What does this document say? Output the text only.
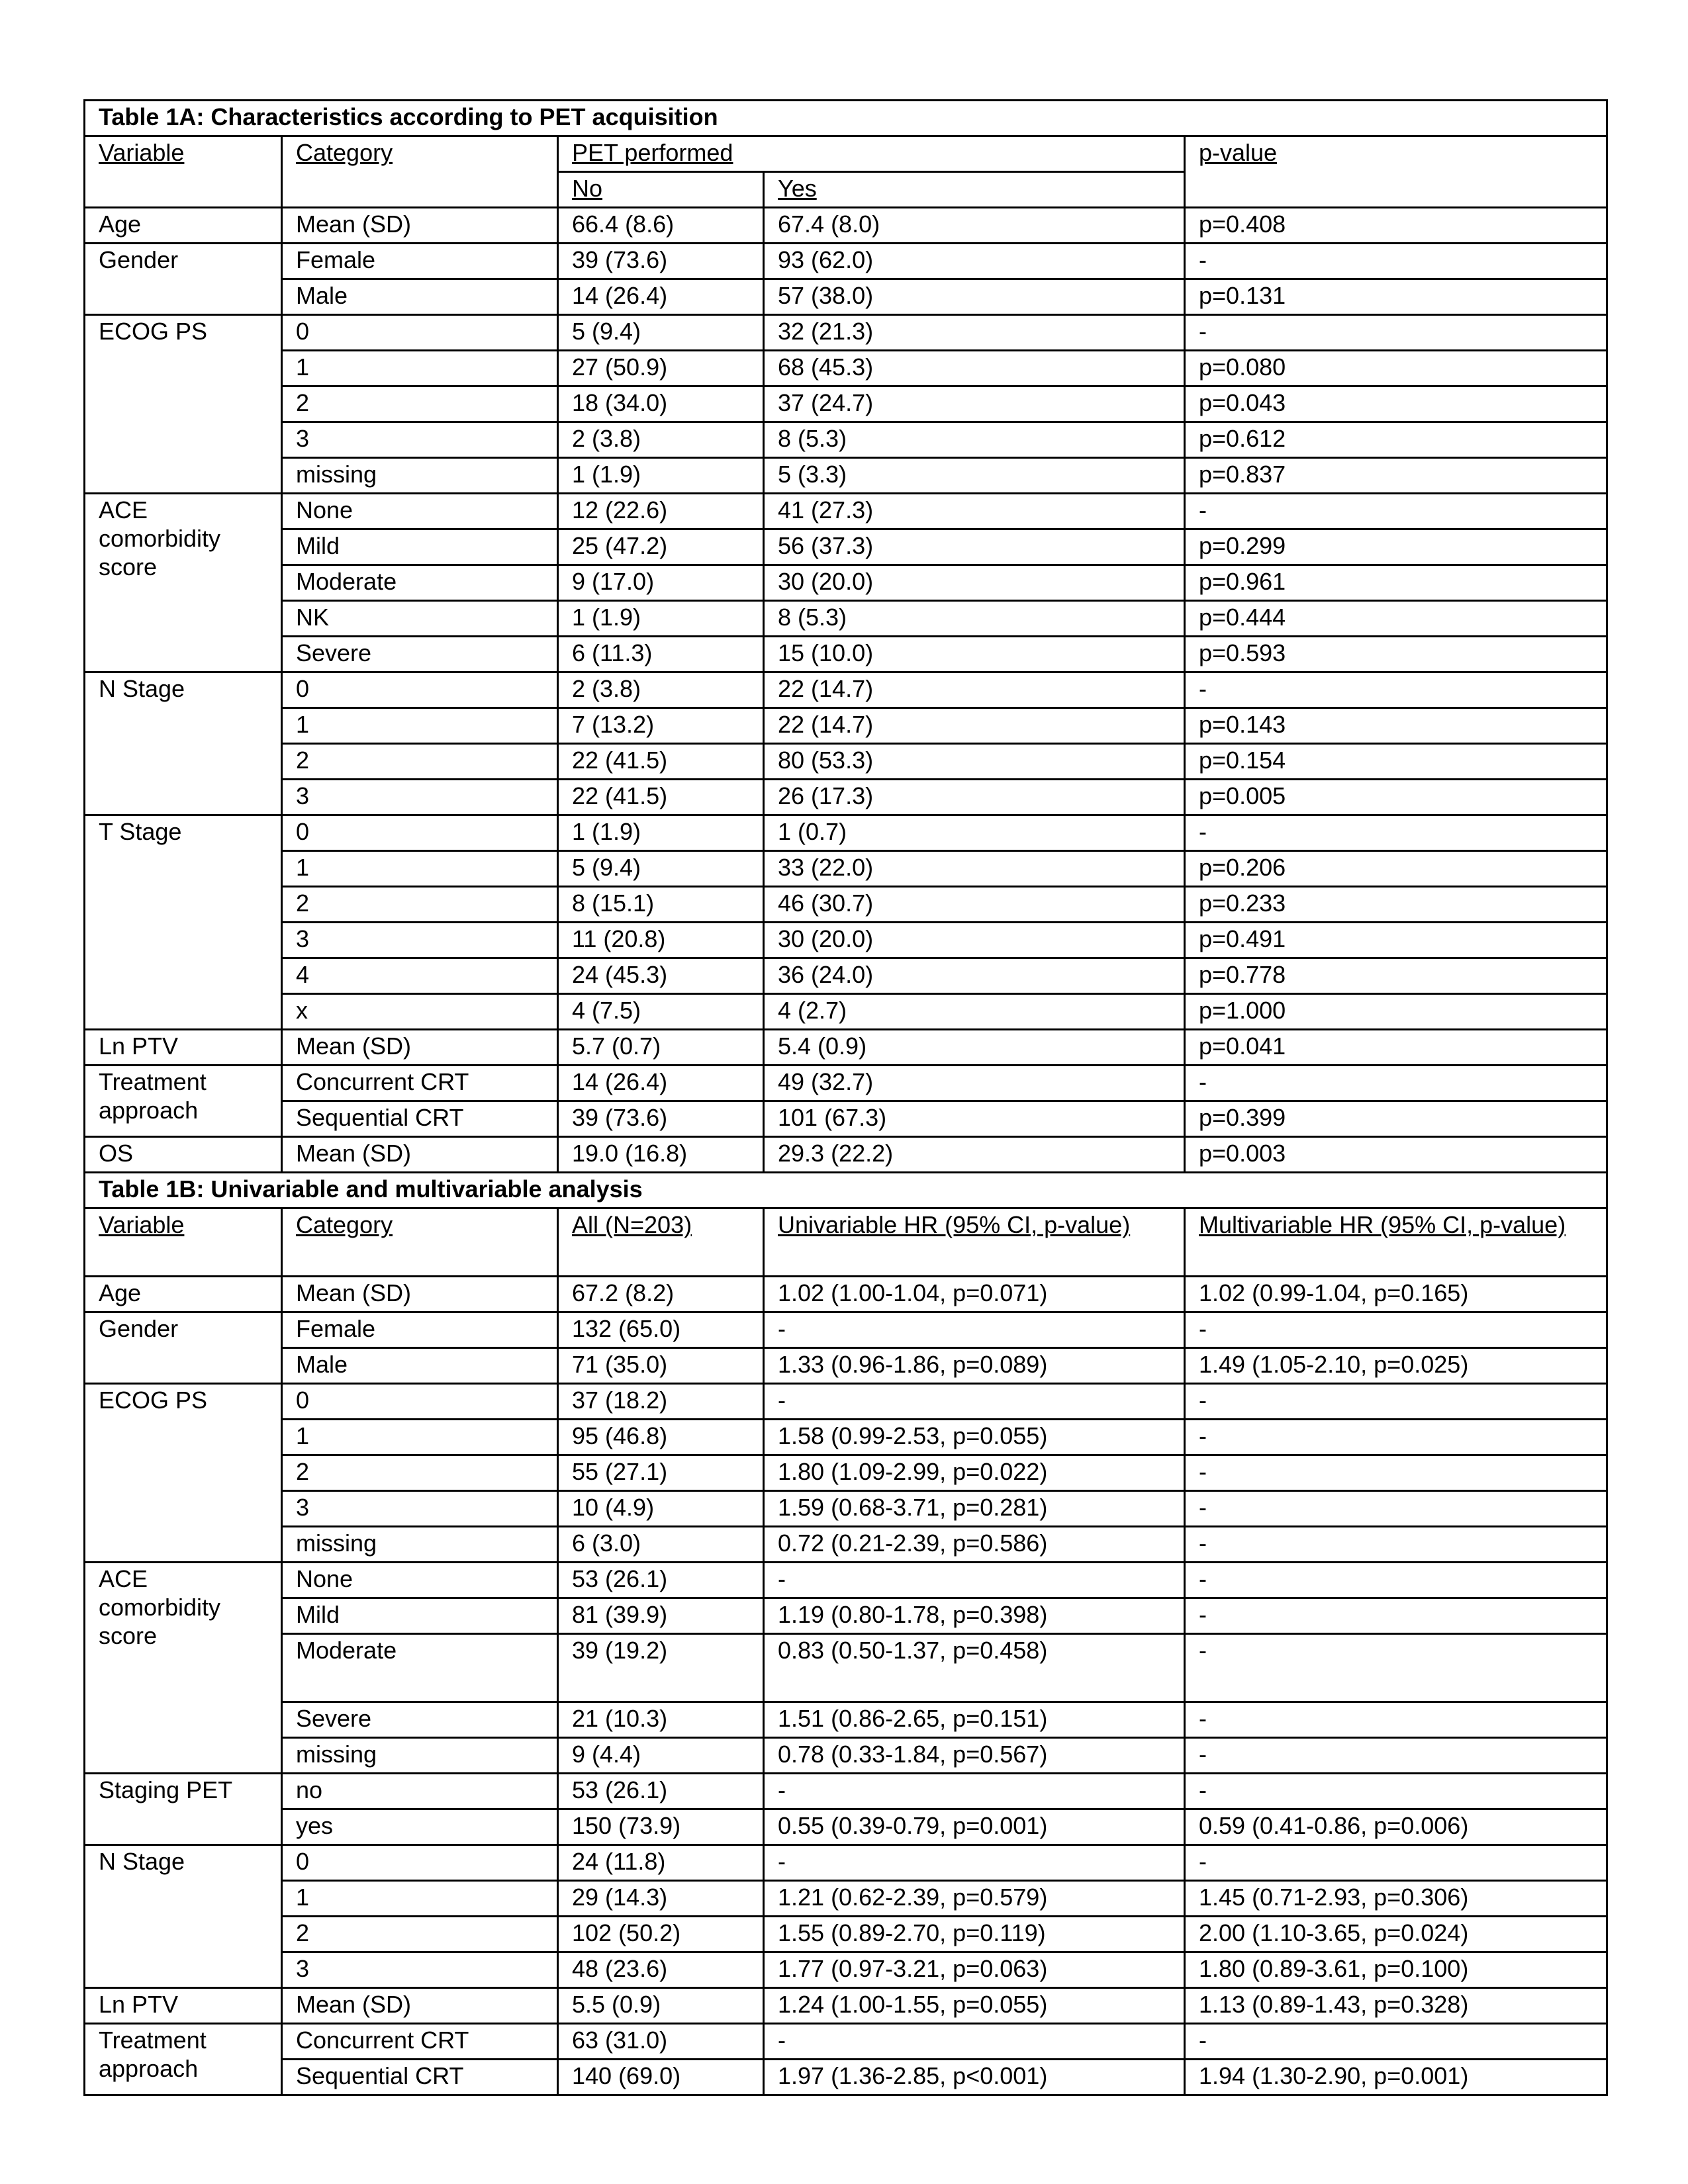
Table 1A: Characteristics according to PET acquisition				
Variable	Category	PET performed		p-value
		No	Yes	
Age	Mean (SD)	66.4 (8.6)	67.4 (8.0)	p=0.408
Gender	Female	39 (73.6)	93 (62.0)	-
	Male	14 (26.4)	57 (38.0)	p=0.131
ECOG PS	0	5 (9.4)	32 (21.3)	-
	1	27 (50.9)	68 (45.3)	p=0.080
	2	18 (34.0)	37 (24.7)	p=0.043
	3	2 (3.8)	8 (5.3)	p=0.612
	missing	1 (1.9)	5 (3.3)	p=0.837
ACE
comorbidity
score	None	12 (22.6)	41 (27.3)	-
	Mild	25 (47.2)	56 (37.3)	p=0.299
	Moderate	9 (17.0)	30 (20.0)	p=0.961
	NK	1 (1.9)	8 (5.3)	p=0.444
	Severe	6 (11.3)	15 (10.0)	p=0.593
N Stage	0	2 (3.8)	22 (14.7)	-
	1	7 (13.2)	22 (14.7)	p=0.143
	2	22 (41.5)	80 (53.3)	p=0.154
	3	22 (41.5)	26 (17.3)	p=0.005
T Stage	0	1 (1.9)	1 (0.7)	-
	1	5 (9.4)	33 (22.0)	p=0.206
	2	8 (15.1)	46 (30.7)	p=0.233
	3	11 (20.8)	30 (20.0)	p=0.491
	4	24 (45.3)	36 (24.0)	p=0.778
	x	4 (7.5)	4 (2.7)	p=1.000
Ln PTV	Mean (SD)	5.7 (0.7)	5.4 (0.9)	p=0.041
Treatment
approach	Concurrent CRT	14 (26.4)	49 (32.7)	-
	Sequential CRT	39 (73.6)	101 (67.3)	p=0.399
OS	Mean (SD)	19.0 (16.8)	29.3 (22.2)	p=0.003
Table 1B: Univariable and multivariable analysis				
Variable	Category	All (N=203)	Univariable HR (95% CI, p-value)	Multivariable HR (95% CI, p-value)
Age	Mean (SD)	67.2 (8.2)	1.02 (1.00-1.04, p=0.071)	1.02 (0.99-1.04, p=0.165)
Gender	Female	132 (65.0)	-	-
	Male	71 (35.0)	1.33 (0.96-1.86, p=0.089)	1.49 (1.05-2.10, p=0.025)
ECOG PS	0	37 (18.2)	-	-
	1	95 (46.8)	1.58 (0.99-2.53, p=0.055)	-
	2	55 (27.1)	1.80 (1.09-2.99, p=0.022)	-
	3	10 (4.9)	1.59 (0.68-3.71, p=0.281)	-
	missing	6 (3.0)	0.72 (0.21-2.39, p=0.586)	-
ACE
comorbidity
score	None	53 (26.1)	-	-
	Mild	81 (39.9)	1.19 (0.80-1.78, p=0.398)	-
	Moderate	39 (19.2)	0.83 (0.50-1.37, p=0.458)	-
	Severe	21 (10.3)	1.51 (0.86-2.65, p=0.151)	-
	missing	9 (4.4)	0.78 (0.33-1.84, p=0.567)	-
Staging PET	no	53 (26.1)	-	-
	yes	150 (73.9)	0.55 (0.39-0.79, p=0.001)	0.59 (0.41-0.86, p=0.006)
N Stage	0	24 (11.8)	-	-
	1	29 (14.3)	1.21 (0.62-2.39, p=0.579)	1.45 (0.71-2.93, p=0.306)
	2	102 (50.2)	1.55 (0.89-2.70, p=0.119)	2.00 (1.10-3.65, p=0.024)
	3	48 (23.6)	1.77 (0.97-3.21, p=0.063)	1.80 (0.89-3.61, p=0.100)
Ln PTV	Mean (SD)	5.5 (0.9)	1.24 (1.00-1.55, p=0.055)	1.13 (0.89-1.43, p=0.328)
Treatment
approach	Concurrent CRT	63 (31.0)	-	-
	Sequential CRT	140 (69.0)	1.97 (1.36-2.85, p<0.001)	1.94 (1.30-2.90, p=0.001)
